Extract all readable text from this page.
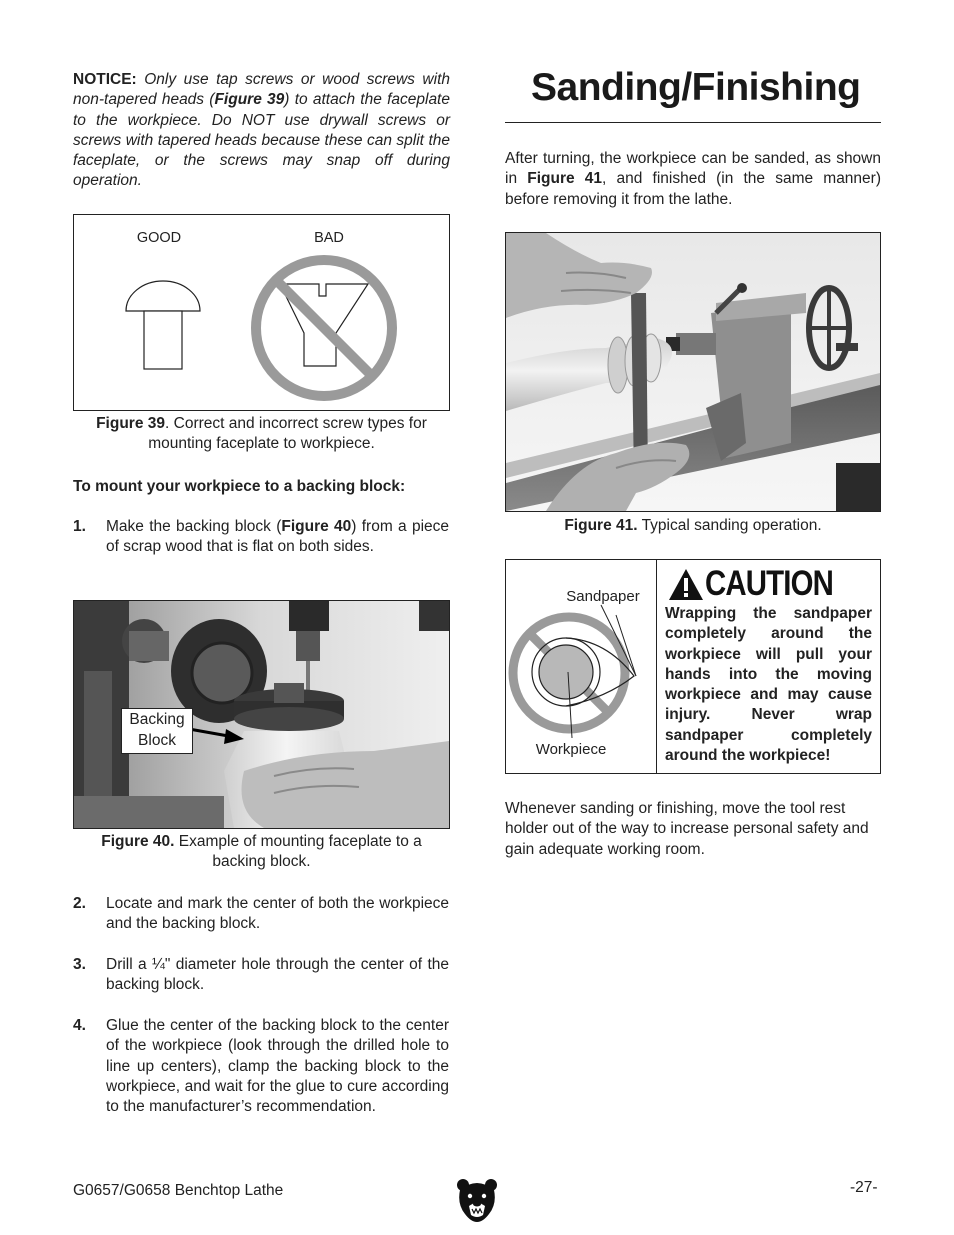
NOTICE: Only use tap screws or wood screws with non-tapered heads (Figure 39) to attach the faceplate to the workpiece. Do NOT use drywall screws or screws with tapered heads because these can split the faceplate, or the screws may snap off during operation.
GOOD	BAD
Figure 39. Correct and incorrect screw types for mounting faceplate to workpiece.
To mount your workpiece to a backing block:
1. Make the backing block (Figure 40) from a piece of scrap wood that is flat on both sides.
Backing
Block
Figure 40. Example of mounting faceplate to a backing block.
2. Locate and mark the center of both the workpiece and the backing block.
3. Drill a ¼" diameter hole through the center of the backing block.
4. Glue the center of the backing block to the center of the workpiece (look through the drilled hole to line up centers), clamp the backing block to the workpiece, and wait for the glue to cure according to the manufacturer’s recommendation.
Sanding/Finishing
After turning, the workpiece can be sanded, as shown in Figure 41, and finished (in the same manner) before removing it from the lathe.
Figure 41. Typical sanding operation.
Sandpaper
Workpiece
CAUTION
Wrapping the sandpaper completely around the workpiece will pull your hands into the moving workpiece and may cause injury. Never wrap sandpaper completely around the workpiece!
Whenever sanding or finishing, move the tool rest holder out of the way to increase personal safety and gain adequate working room.
G0657/G0658 Benchtop Lathe	-27-
